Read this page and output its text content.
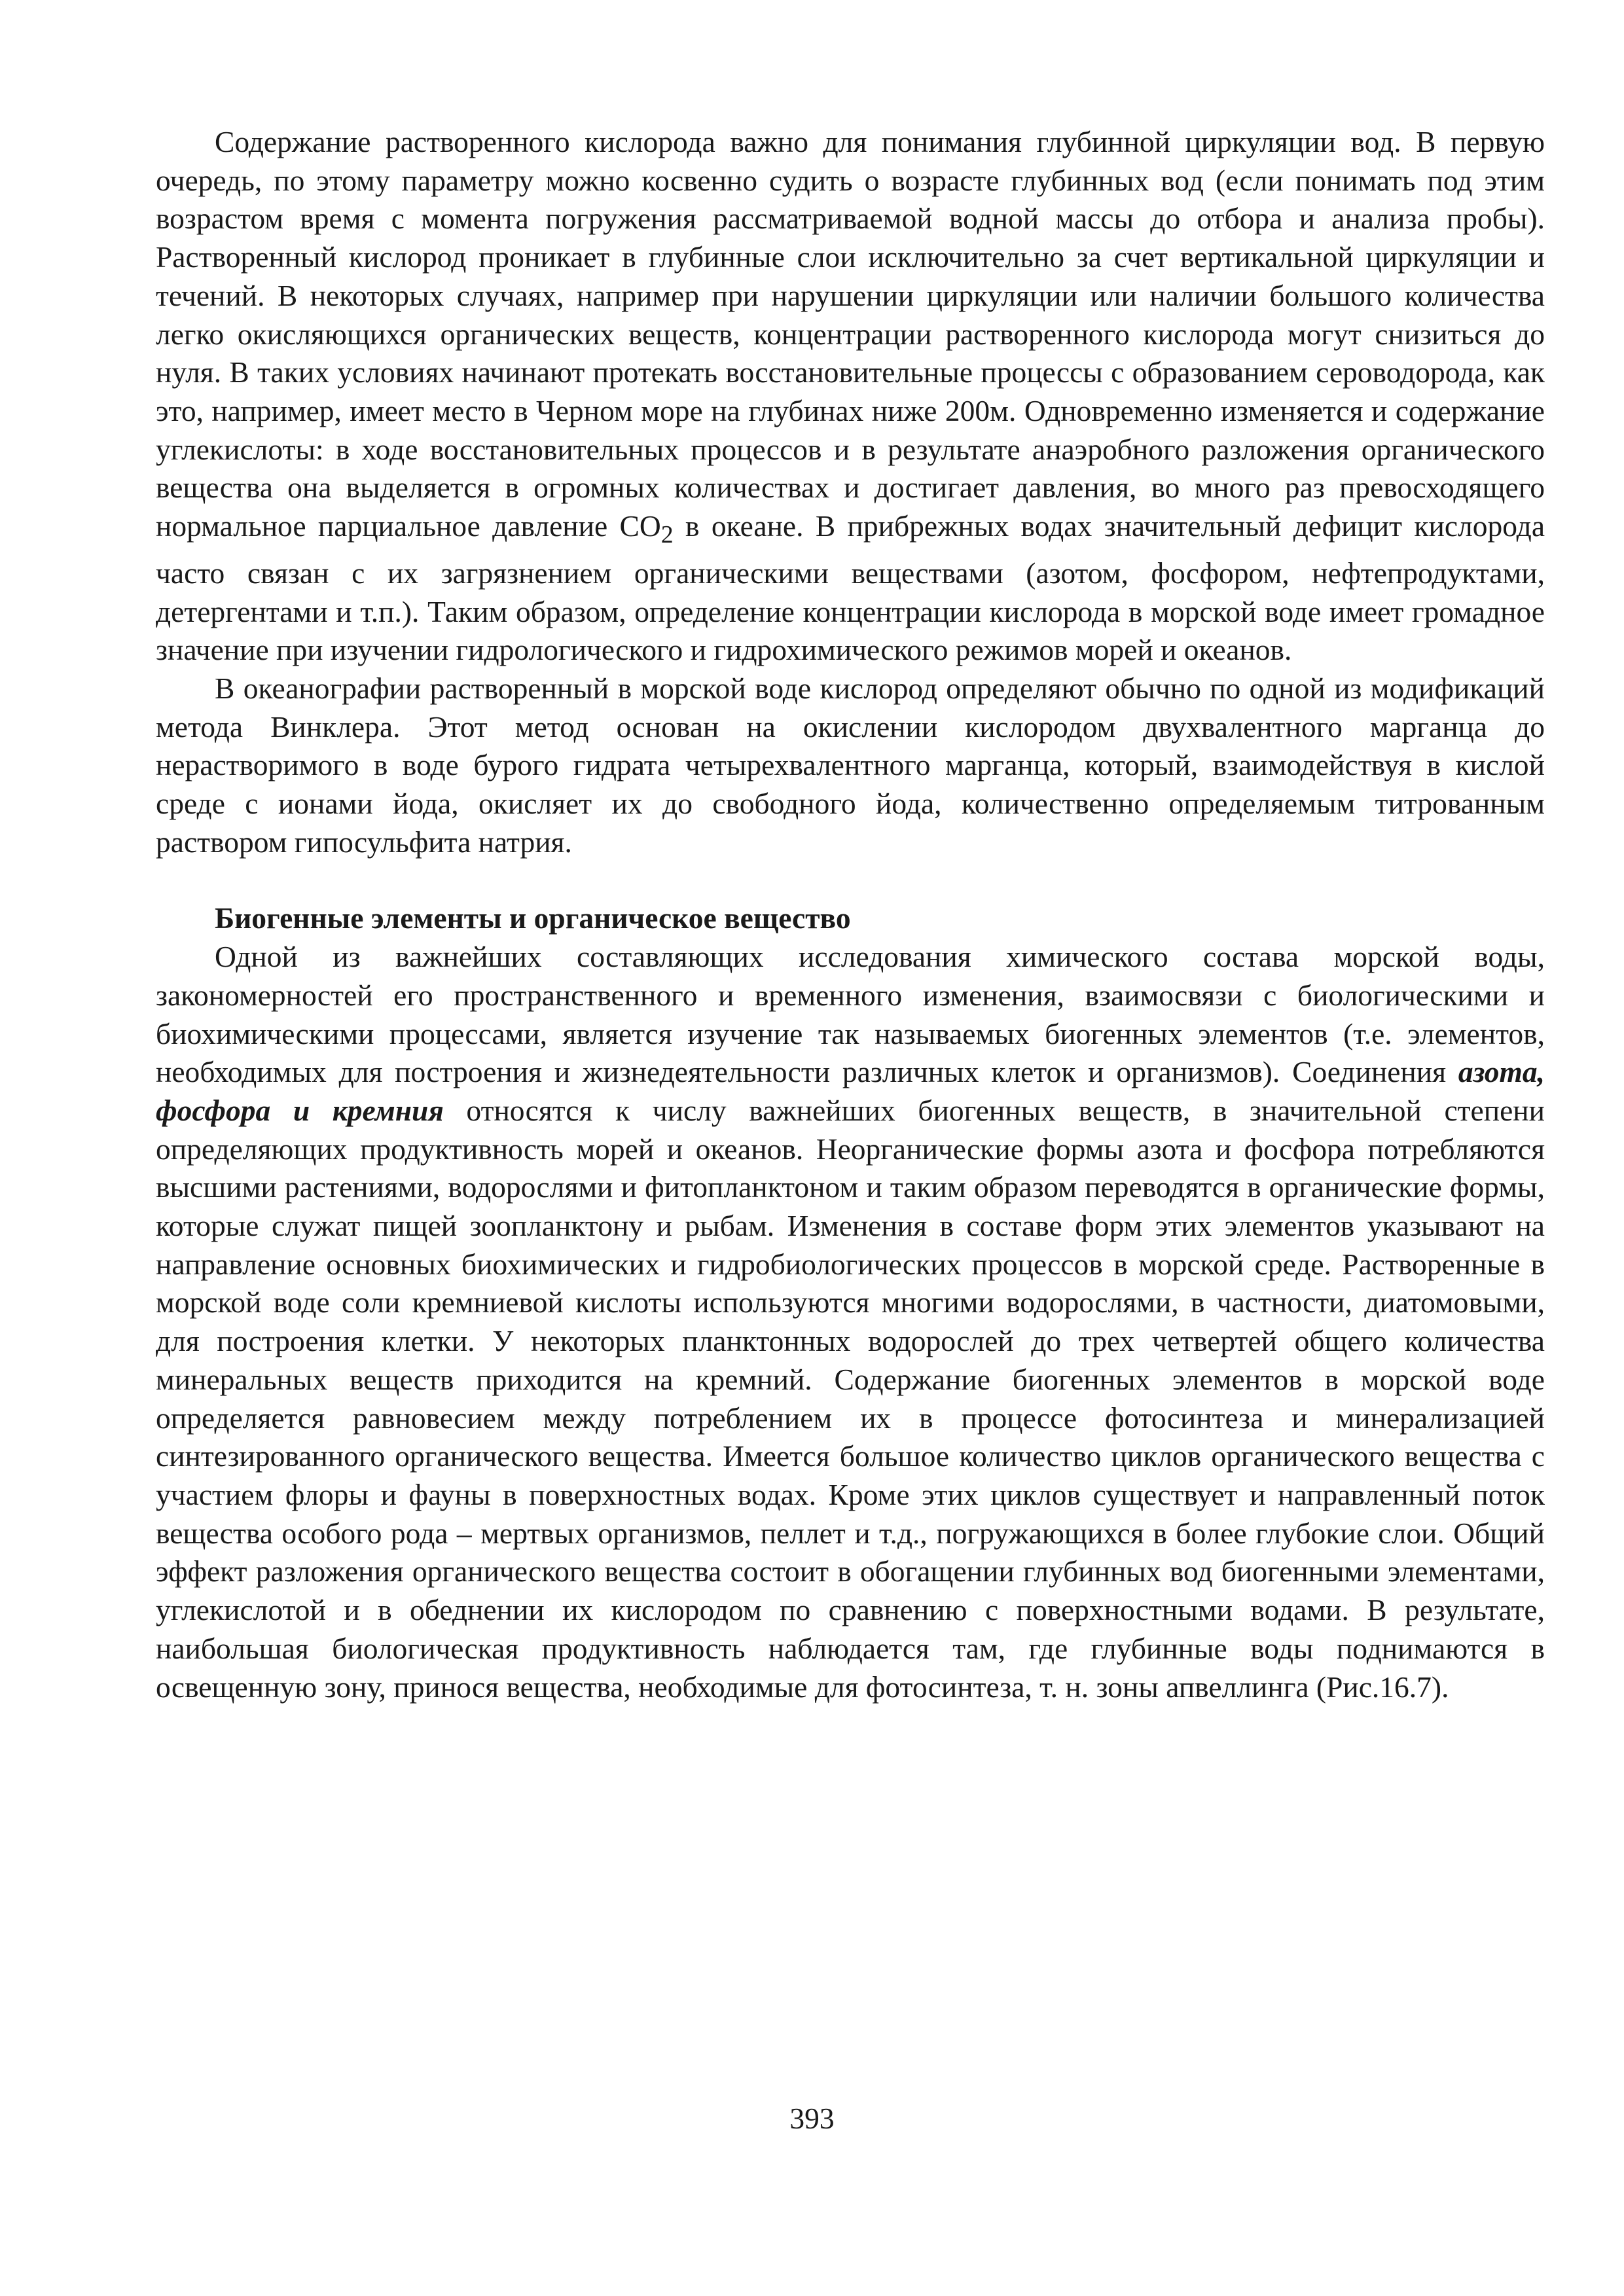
Содержание растворенного кислорода важно для понимания глубинной циркуляции вод. В первую очередь, по этому параметру можно косвенно судить о возрасте глубинных вод (если понимать под этим возрастом время с момента погружения рассматриваемой водной массы до отбора и анализа пробы). Растворенный кислород проникает в глубинные слои исключительно за счет вертикальной циркуляции и течений. В некоторых случаях, например при нарушении циркуляции или наличии большого количества легко окисляющихся органических веществ, концентрации растворенного кислорода могут снизиться до нуля. В таких условиях начинают протекать восстановительные процессы с образованием сероводорода, как это, например, имеет место в Черном море на глубинах ниже 200м. Одновременно изменяется и содержание углекислоты: в ходе восстановительных процессов и в результате анаэробного разложения органического вещества она выделяется в огромных количествах и достигает давления, во много раз превосходящего нормальное парциальное давление $CO_2$ в океане. В прибрежных водах значительный дефицит кислорода часто связан с их загрязнением органическими веществами (азотом, фосфором, нефтепродуктами, детергентами и т.п.). Таким образом, определение концентрации кислорода в морской воде имеет громадное значение при изучении гидрологического и гидрохимического режимов морей и океанов.

В океанографии растворенный в морской воде кислород определяют обычно по одной из модификаций метода Винклера. Этот метод основан на окислении кислородом двухвалентного марганца до нерастворимого в воде бурого гидрата четырехвалентного марганца, который, взаимодействуя в кислой среде с ионами йода, окисляет их до свободного йода, количественно определяемым титрованным раствором гипосульфита натрия.

Биогенные элементы и органическое вещество

Одной из важнейших составляющих исследования химического состава морской воды, закономерностей его пространственного и временного изменения, взаимосвязи с биологическими и биохимическими процессами, является изучение так называемых биогенных элементов (т.е. элементов, необходимых для построения и жизнедеятельности различных клеток и организмов). Соединения азота, фосфора и кремния относятся к числу важнейших биогенных веществ, в значительной степени определяющих продуктивность морей и океанов. Неорганические формы азота и фосфора потребляются высшими растениями, водорослями и фитопланктоном и таким образом переводятся в органические формы, которые служат пищей зоопланктону и рыбам. Изменения в составе форм этих элементов указывают на направление основных биохимических и гидробиологических процессов в морской среде. Растворенные в морской воде соли кремниевой кислоты используются многими водорослями, в частности, диатомовыми, для построения клетки. У некоторых планктонных водорослей до трех четвертей общего количества минеральных веществ приходится на кремний. Содержание биогенных элементов в морской воде определяется равновесием между потреблением их в процессе фотосинтеза и минерализацией синтезированного органического вещества. Имеется большое количество циклов органического вещества с участием флоры и фауны в поверхностных водах. Кроме этих циклов существует и направленный поток вещества особого рода – мертвых организмов, пеллет и т.д., погружающихся в более глубокие слои. Общий эффект разложения органического вещества состоит в обогащении глубинных вод биогенными элементами, углекислотой и в обеднении их кислородом по сравнению с поверхностными водами. В результате, наибольшая биологическая продуктивность наблюдается там, где глубинные воды поднимаются в освещенную зону, принося вещества, необходимые для фотосинтеза, т. н. зоны апвеллинга (Рис.16.7).

393
